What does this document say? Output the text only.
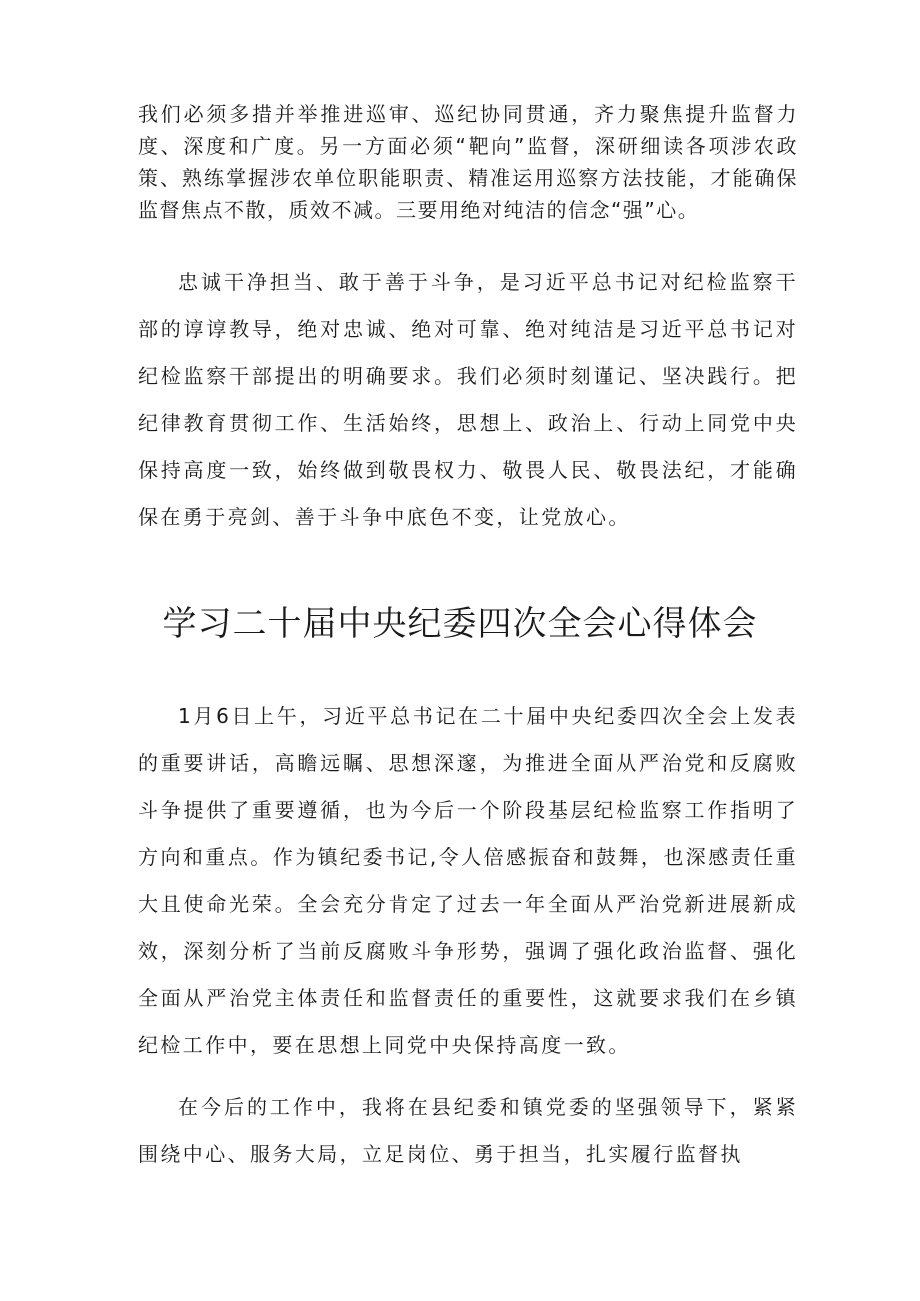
我们必须多措并举推进巡审、巡纪协同贯通，齐力聚焦提升监督力度、深度和广度。另一方面必须“靶向”监督，深研细读各项涉农政策、熟练掌握涉农单位职能职责、精准运用巡察方法技能，才能确保监督焦点不散，质效不减。三要用绝对纯洁的信念“强”心。

忠诚干净担当、敢于善于斗争，是习近平总书记对纪检监察干部的谆谆教导，绝对忠诚、绝对可靠、绝对纯洁是习近平总书记对纪检监察干部提出的明确要求。我们必须时刻谨记、坚决践行。把纪律教育贯彻工作、生活始终，思想上、政治上、行动上同党中央保持高度一致，始终做到敬畏权力、敬畏人民、敬畏法纪，才能确保在勇于亮剑、善于斗争中底色不变，让党放心。

学习二十届中央纪委四次全会心得体会

1月6日上午，习近平总书记在二十届中央纪委四次全会上发表的重要讲话，高瞻远瞩、思想深邃，为推进全面从严治党和反腐败斗争提供了重要遵循，也为今后一个阶段基层纪检监察工作指明了方向和重点。作为镇纪委书记,令人倍感振奋和鼓舞，也深感责任重大且使命光荣。全会充分肯定了过去一年全面从严治党新进展新成效，深刻分析了当前反腐败斗争形势，强调了强化政治监督、强化全面从严治党主体责任和监督责任的重要性，这就要求我们在乡镇纪检工作中，要在思想上同党中央保持高度一致。

在今后的工作中，我将在县纪委和镇党委的坚强领导下，紧紧围绕中心、服务大局，立足岗位、勇于担当，扎实履行监督执
